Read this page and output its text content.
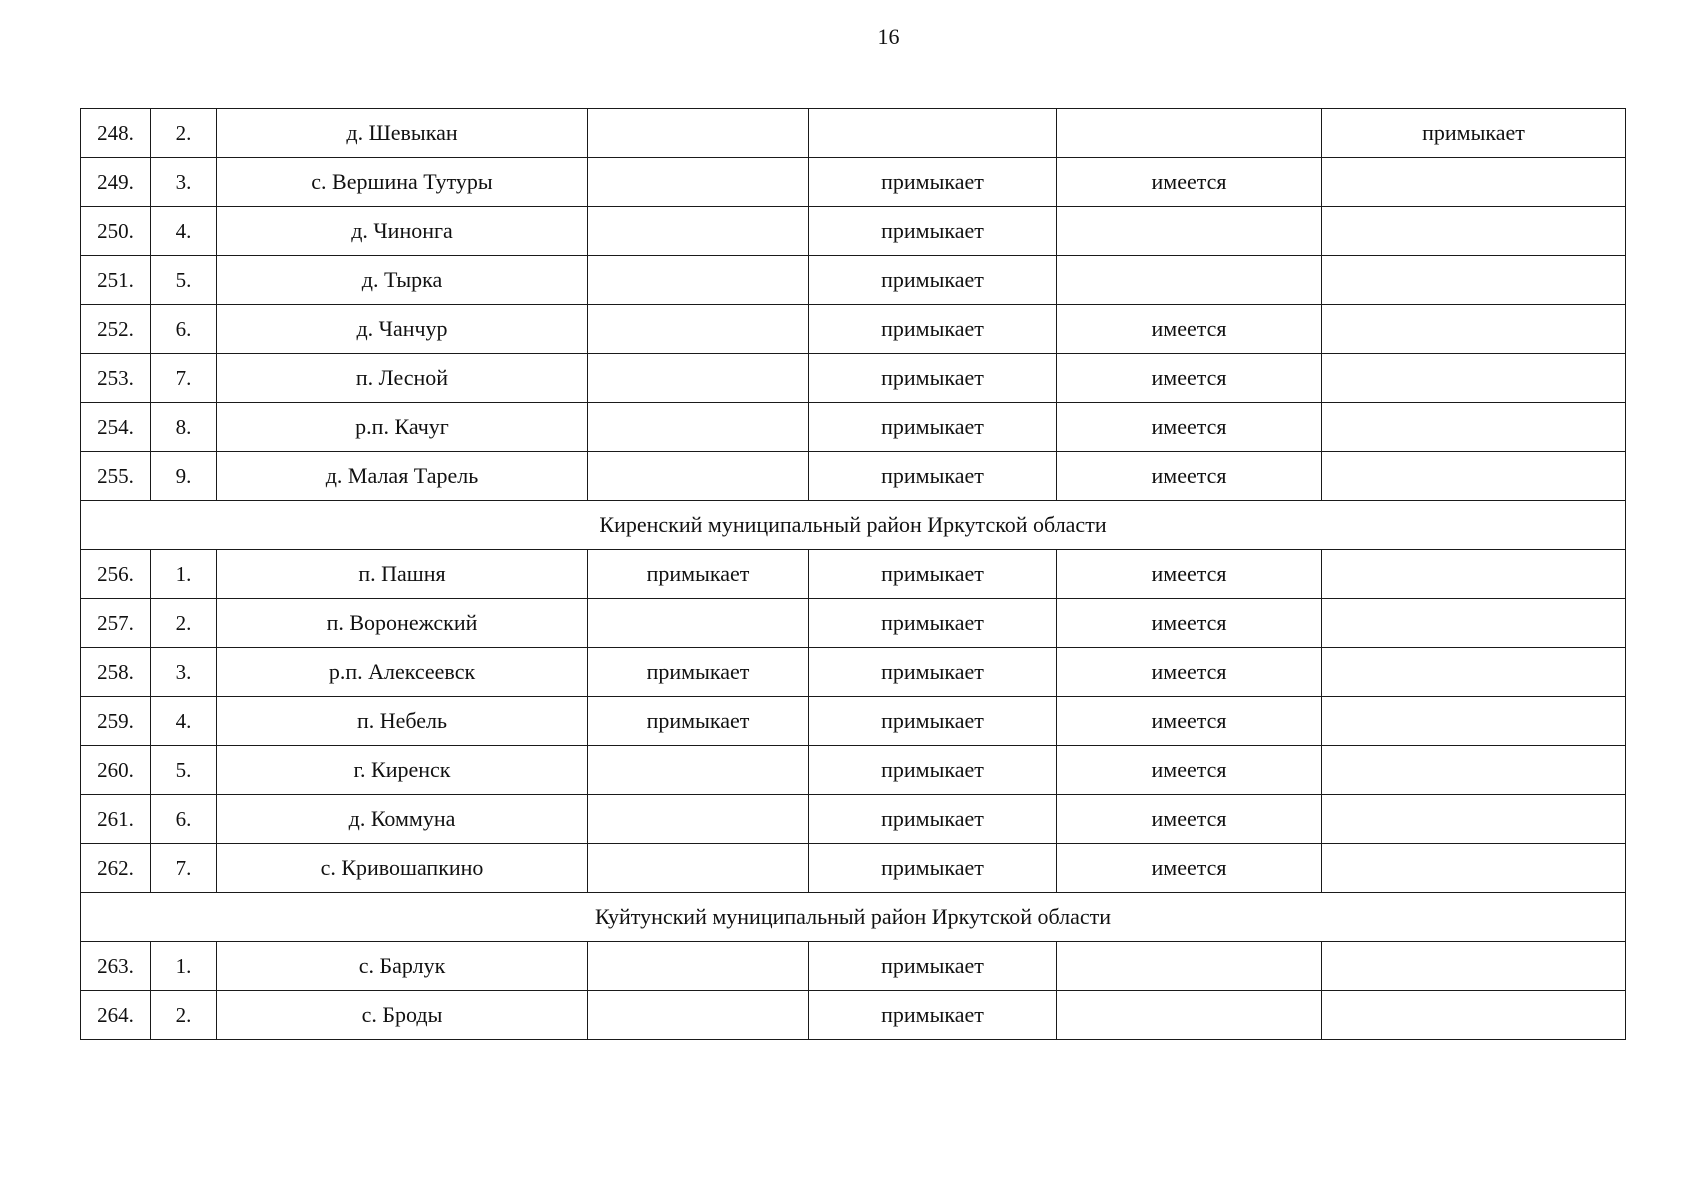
16
248.	2.	д. Шевыкан				примыкает
249.	3.	с. Вершина Тутуры		примыкает	имеется	
250.	4.	д. Чинонга		примыкает		
251.	5.	д. Тырка		примыкает		
252.	6.	д. Чанчур		примыкает	имеется	
253.	7.	п. Лесной		примыкает	имеется	
254.	8.	р.п. Качуг		примыкает	имеется	
255.	9.	д. Малая Тарель		примыкает	имеется	
Киренский муниципальный район Иркутской области						
256.	1.	п. Пашня	примыкает	примыкает	имеется	
257.	2.	п. Воронежский		примыкает	имеется	
258.	3.	р.п. Алексеевск	примыкает	примыкает	имеется	
259.	4.	п. Небель	примыкает	примыкает	имеется	
260.	5.	г. Киренск		примыкает	имеется	
261.	6.	д. Коммуна		примыкает	имеется	
262.	7.	с. Кривошапкино		примыкает	имеется	
Куйтунский муниципальный район Иркутской области						
263.	1.	с. Барлук		примыкает		
264.	2.	с. Броды		примыкает		
